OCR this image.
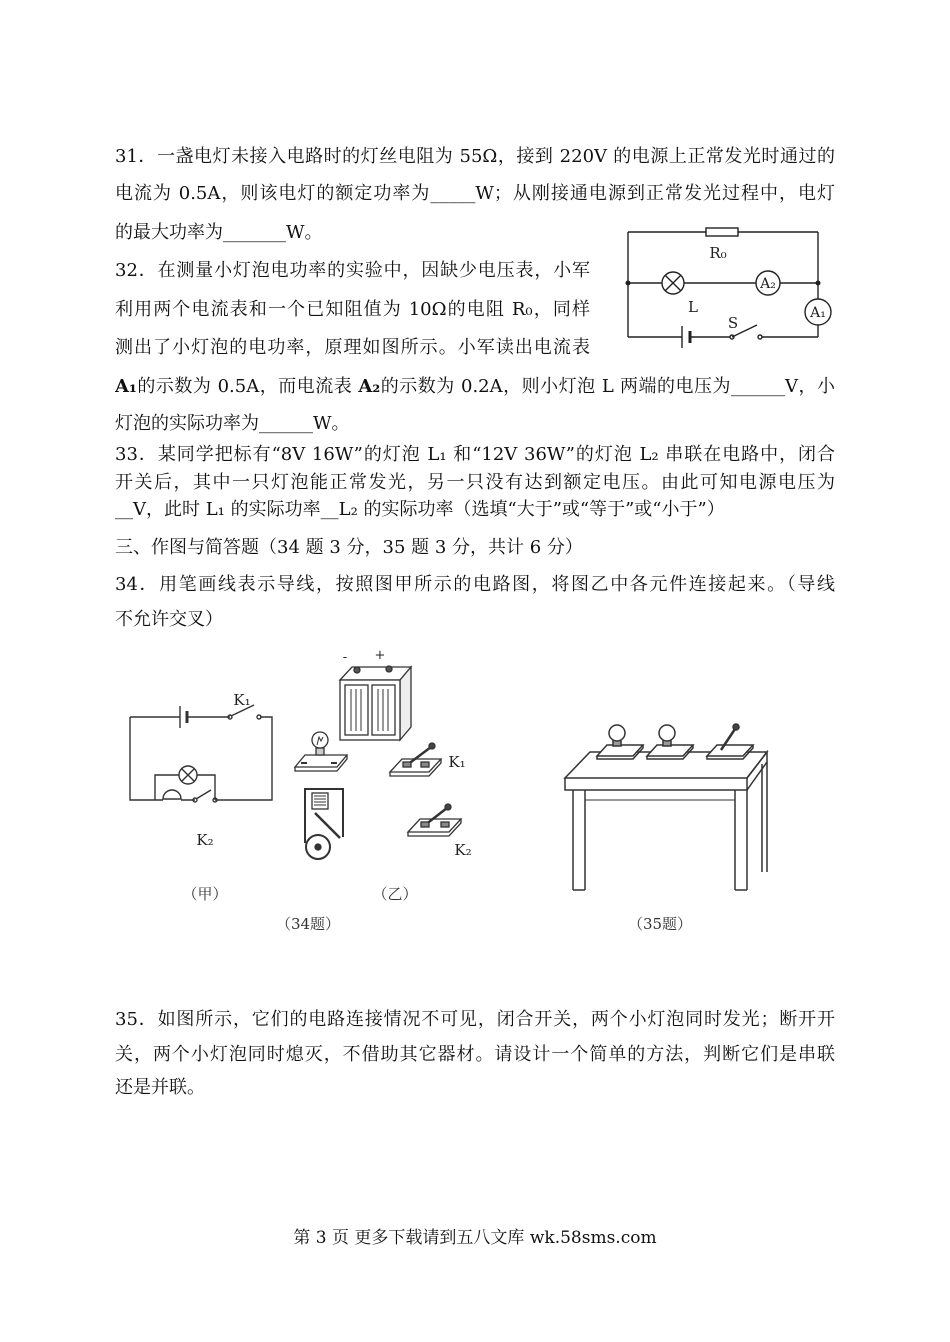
31．一盏电灯未接入电路时的灯丝电阻为 55Ω，接到 220V 的电源上正常发光时通过的
电流为 0.5A，则该电灯的额定功率为_____W；从刚接通电源到正常发光过程中，电灯
的最大功率为_______W。
32．在测量小灯泡电功率的实验中，因缺少电压表，小军
利用两个电流表和一个已知阻值为 10Ω的电阻 R₀，同样
测出了小灯泡的电功率，原理如图所示。小军读出电流表
A₁的示数为 0.5A，而电流表 A₂的示数为 0.2A，则小灯泡 L 两端的电压为______V，小
灯泡的实际功率为______W。
R₀
A₂
L	A₁
S
33．某同学把标有“8V 16W”的灯泡 L₁ 和“12V 36W”的灯泡 L₂ 串联在电路中，闭合
开关后，其中一只灯泡能正常发光，另一只没有达到额定电压。由此可知电源电压为
__V，此时 L₁ 的实际功率__L₂ 的实际功率（选填“大于”或“等于”或“小于”）
三、作图与简答题（34 题 3 分，35 题 3 分，共计 6 分）
34．用笔画线表示导线，按照图甲所示的电路图，将图乙中各元件连接起来。（导线
不允许交叉）
K₁
K₂
- +
K₁
K₂
（甲）	（乙）
（34题）	（35题）
35．如图所示，它们的电路连接情况不可见，闭合开关，两个小灯泡同时发光；断开开
关，两个小灯泡同时熄灭，不借助其它器材。请设计一个简单的方法，判断它们是串联
还是并联。
第 3 页 更多下载请到五八文库 wk.58sms.com
